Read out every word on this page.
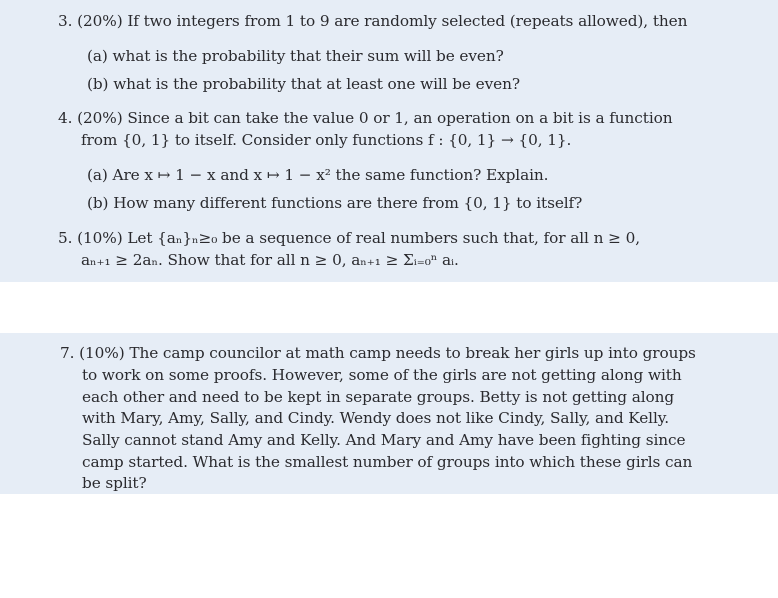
3. (20%) If two integers from 1 to 9 are randomly selected (repeats allowed), then
(a) what is the probability that their sum will be even?
(b) what is the probability that at least one will be even?
4. (20%) Since a bit can take the value 0 or 1, an operation on a bit is a function
from {0, 1} to itself. Consider only functions f : {0, 1} → {0, 1}.
(a) Are x ↦ 1 − x and x ↦ 1 − x² the same function? Explain.
(b) How many different functions are there from {0, 1} to itself?
5. (10%) Let {aₙ}ₙ≥₀ be a sequence of real numbers such that, for all n ≥ 0,
aₙ₊₁ ≥ 2aₙ. Show that for all n ≥ 0, aₙ₊₁ ≥ Σᵢ₌₀ⁿ aᵢ.
7. (10%) The camp councilor at math camp needs to break her girls up into groups
to work on some proofs. However, some of the girls are not getting along with
each other and need to be kept in separate groups. Betty is not getting along
with Mary, Amy, Sally, and Cindy. Wendy does not like Cindy, Sally, and Kelly.
Sally cannot stand Amy and Kelly. And Mary and Amy have been fighting since
camp started. What is the smallest number of groups into which these girls can
be split?
